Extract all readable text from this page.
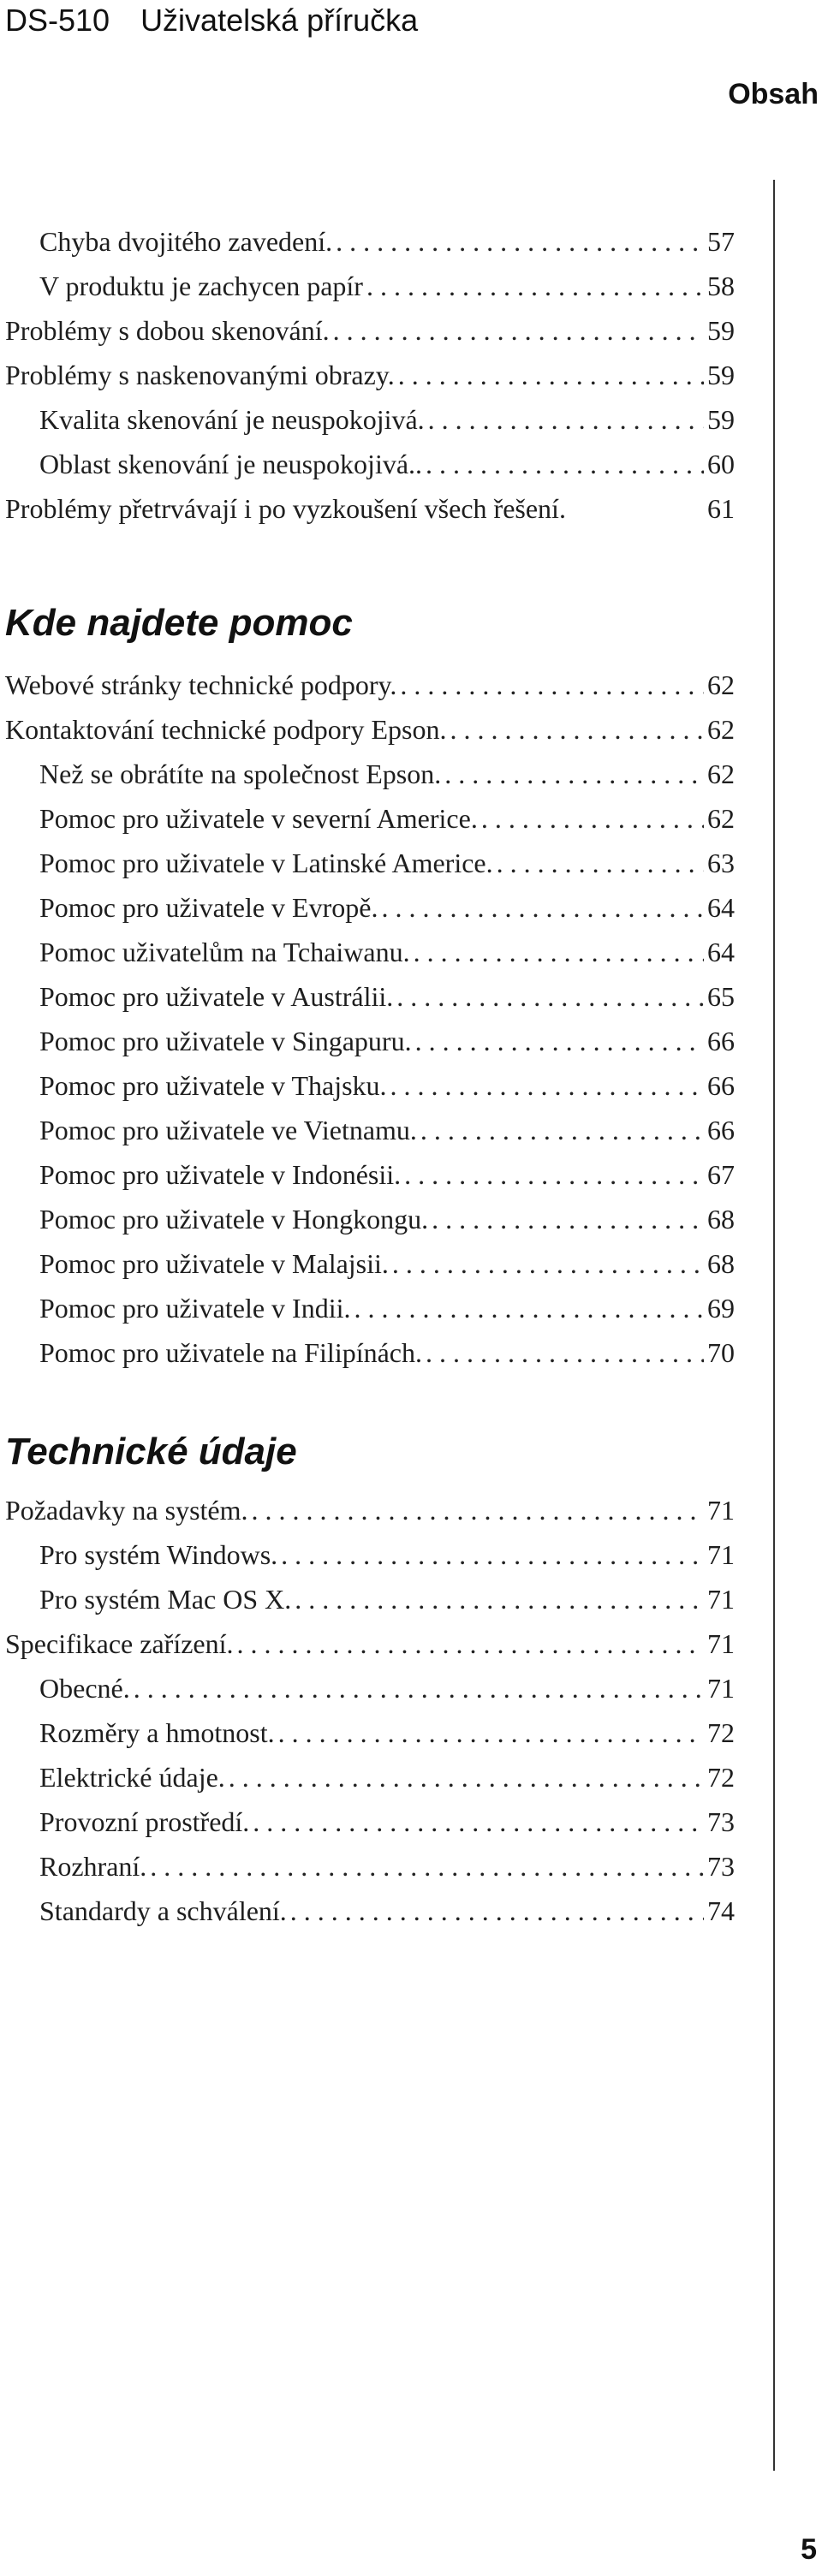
DS-510 Uživatelská příručka
Obsah
Chyba dvojitého zavedení. . . .	57
V produktu je zachycen papír . . .	58
Problémy s dobou skenování. . . .	59
Problémy s naskenovanými obrazy. . . .	59
Kvalita skenování je neuspokojivá. . . .	59
Oblast skenování je neuspokojivá.. . . .	60
Problémy přetrvávají i po vyzkoušení všech řešení.	61
Kde najdete pomoc
Webové stránky technické podpory. . . .	62
Kontaktování technické podpory Epson. . . .	62
Než se obrátíte na společnost Epson. . . .	62
Pomoc pro uživatele v severní Americe. . . .	62
Pomoc pro uživatele v Latinské Americe. . . .	63
Pomoc pro uživatele v Evropě. . . .	64
Pomoc uživatelům na Tchaiwanu. . . .	64
Pomoc pro uživatele v Austrálii. . . .	65
Pomoc pro uživatele v Singapuru. . . .	66
Pomoc pro uživatele v Thajsku. . . .	66
Pomoc pro uživatele ve Vietnamu. . . .	66
Pomoc pro uživatele v Indonésii. . . .	67
Pomoc pro uživatele v Hongkongu. . . .	68
Pomoc pro uživatele v Malajsii. . . .	68
Pomoc pro uživatele v Indii. . . .	69
Pomoc pro uživatele na Filipínách. . . .	70
Technické údaje
Požadavky na systém. . . .	71
Pro systém Windows. . . .	71
Pro systém Mac OS X. . . .	71
Specifikace zařízení. . . .	71
Obecné. . . .	71
Rozměry a hmotnost. . . .	72
Elektrické údaje. . . .	72
Provozní prostředí. . . .	73
Rozhraní. . . .	73
Standardy a schválení. . . .	74
5
